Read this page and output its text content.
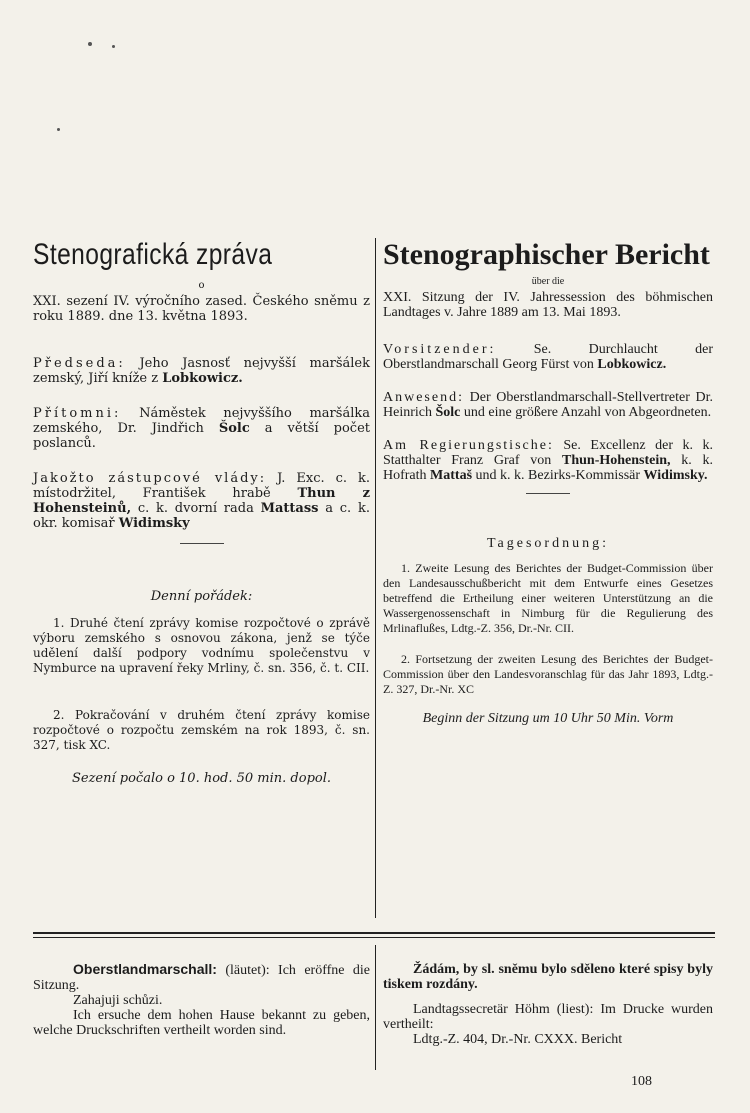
Stenografická zpráva
o

XXI. sezení IV. výročního zased. Českého sněmu z roku 1889. dne 13. května 1893.

Předseda: Jeho Jasnosť nejvyšší maršálek zemský, Jiří kníže z Lobkowicz.

Přítomni: Náměstek nejvyššího maršálka zemského, Dr. Jindřich Šolc a větší počet poslanců.

Jakožto zástupcové vlády: J. Exc. c. k. místodržitel, František hrabě Thun z Hohensteinů, c. k. dvorní rada Mattass a c. k. okr. komisař Widimsky

Denní pořádek:

1. Druhé čtení zprávy komise rozpočtové o zprávě výboru zemského s osnovou zákona, jenž se týče udělení další podpory vodnímu společenstvu v Nymburce na upravení řeky Mrliny, č. sn. 356, č. t. CII.

2. Pokračování v druhém čtení zprávy komise rozpočtové o rozpočtu zemském na rok 1893, č. sn. 327, tisk XC.

Sezení počalo o 10. hod. 50 min. dopol.

Stenographischer Bericht
über die

XXI. Sitzung der IV. Jahressession des böhmischen Landtages v. Jahre 1889 am 13. Mai 1893.

Vorsitzender:	Se. Durchlaucht der Oberstlandmarschall Georg Fürst von Lobkowicz.

Anwesend: Der Oberstlandmarschall-Stellvertreter Dr. Heinrich Šolc und eine größere Anzahl von Abgeordneten.

Am Regierungstische: Se. Excellenz der k. k. Statthalter Franz Graf von Thun-Hohenstein, k. k. Hofrath Mattaš und k. k. Bezirks-Kommissär Widimsky.

Tagesordnung:

1. Zweite Lesung des Berichtes der Budget-Commission über den Landesausschußbericht mit dem Entwurfe eines Gesetzes betreffend die Ertheilung einer weiteren Unterstützung an die Wassergenossenschaft in Nimburg für die Regulierung des Mrlinaflußes, Ldtg.-Z. 356, Dr.-Nr. CII.

2. Fortsetzung der zweiten Lesung des Berichtes der Budget-Commission über den Landesvoranschlag für das Jahr 1893, Ldtg.-Z. 327, Dr.-Nr. XC

Beginn der Sitzung um 10 Uhr 50 Min. Vorm

Oberstlandmarschall: (läutet): Ich eröffne die Sitzung.

Zahajuji schůzi.

Ich ersuche dem hohen Hause bekannt zu geben, welche Druckschriften vertheilt worden sind.

Žádám, by sl. sněmu bylo sděleno které spisy byly tiskem rozdány.

Landtagssecretär Höhm (liest): Im Drucke wurden vertheilt:

Ldtg.-Z. 404, Dr.-Nr. CXXX. Bericht

108
